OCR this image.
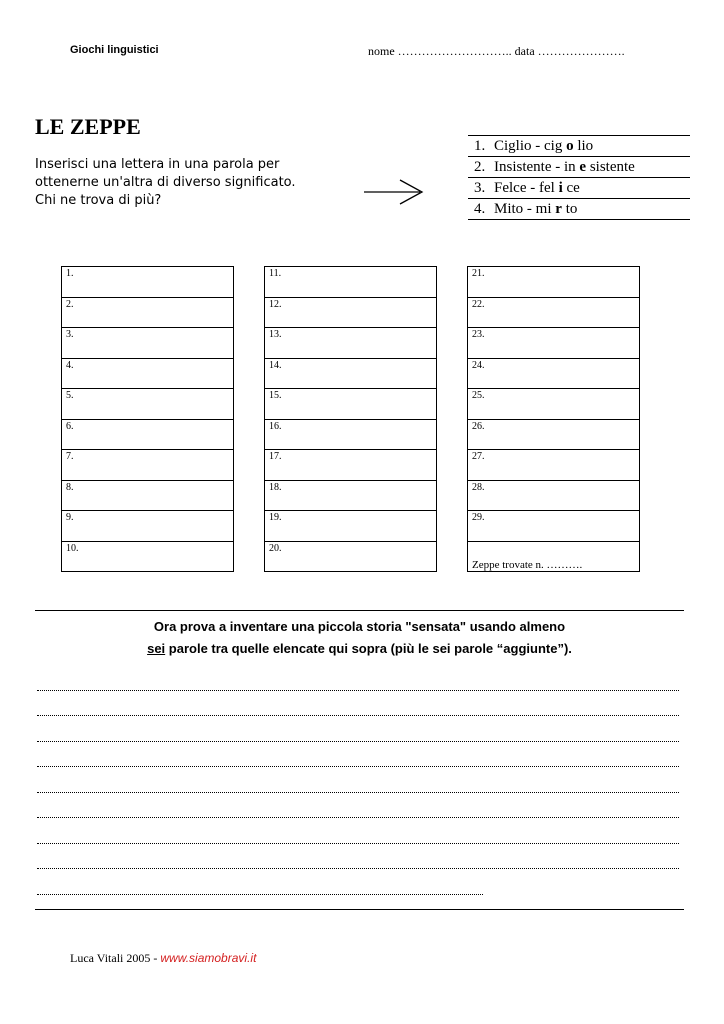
Giochi linguistici	nome ……………………….. data ………………….
LE ZEPPE
Inserisci una lettera in una parola per
ottenerne un'altra di diverso significato.
Chi ne trova di più?
1. Ciglio - cig o lio
2. Insistente - in e sistente
3. Felce - fel i ce
4. Mito - mi r to
1.
2.
3.
4.
5.
6.
7.
8.
9.
10.
11.
12.
13.
14.
15.
16.
17.
18.
19.
20.
21.
22.
23.
24.
25.
26.
27.
28.
29.
Zeppe trovate n. ……….
Ora prova a inventare una piccola storia "sensata" usando almeno
sei parole tra quelle elencate qui sopra (più le sei parole “aggiunte”).
Luca Vitali 2005 - www.siamobravi.it
